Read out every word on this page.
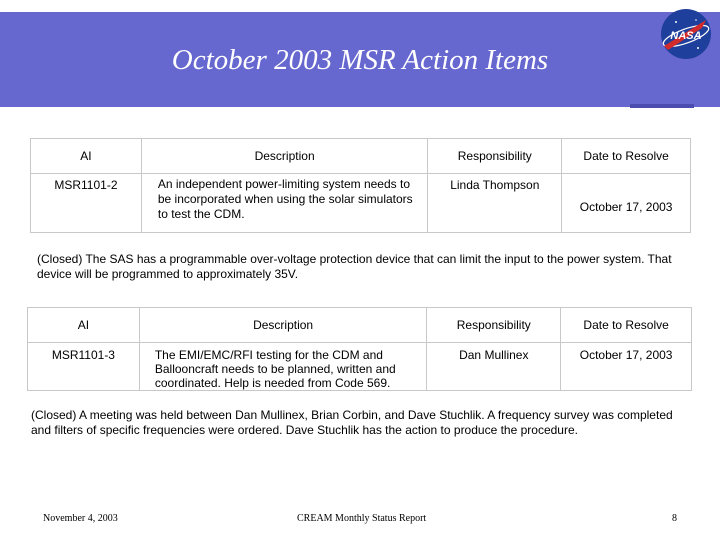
October 2003 MSR Action Items
NASA
AI	Description	Responsibility	Date to Resolve
MSR1101-2	An independent power-limiting system needs to be incorporated when using the solar simulators to test the CDM.	Linda Thompson	October 17, 2003
(Closed) The SAS has a programmable over-voltage protection device that can limit the input to the power system. That device will be programmed to approximately 35V.
AI	Description	Responsibility	Date to Resolve
MSR1101-3	The EMI/EMC/RFI testing for the CDM and Ballooncraft needs to be planned, written and coordinated. Help is needed from Code 569.	Dan Mullinex	October 17, 2003
(Closed) A meeting was held between Dan Mullinex, Brian Corbin, and Dave Stuchlik. A frequency survey was completed and filters of specific frequencies were ordered. Dave Stuchlik has the action to produce the procedure.
November 4, 2003	CREAM Monthly Status Report	8
